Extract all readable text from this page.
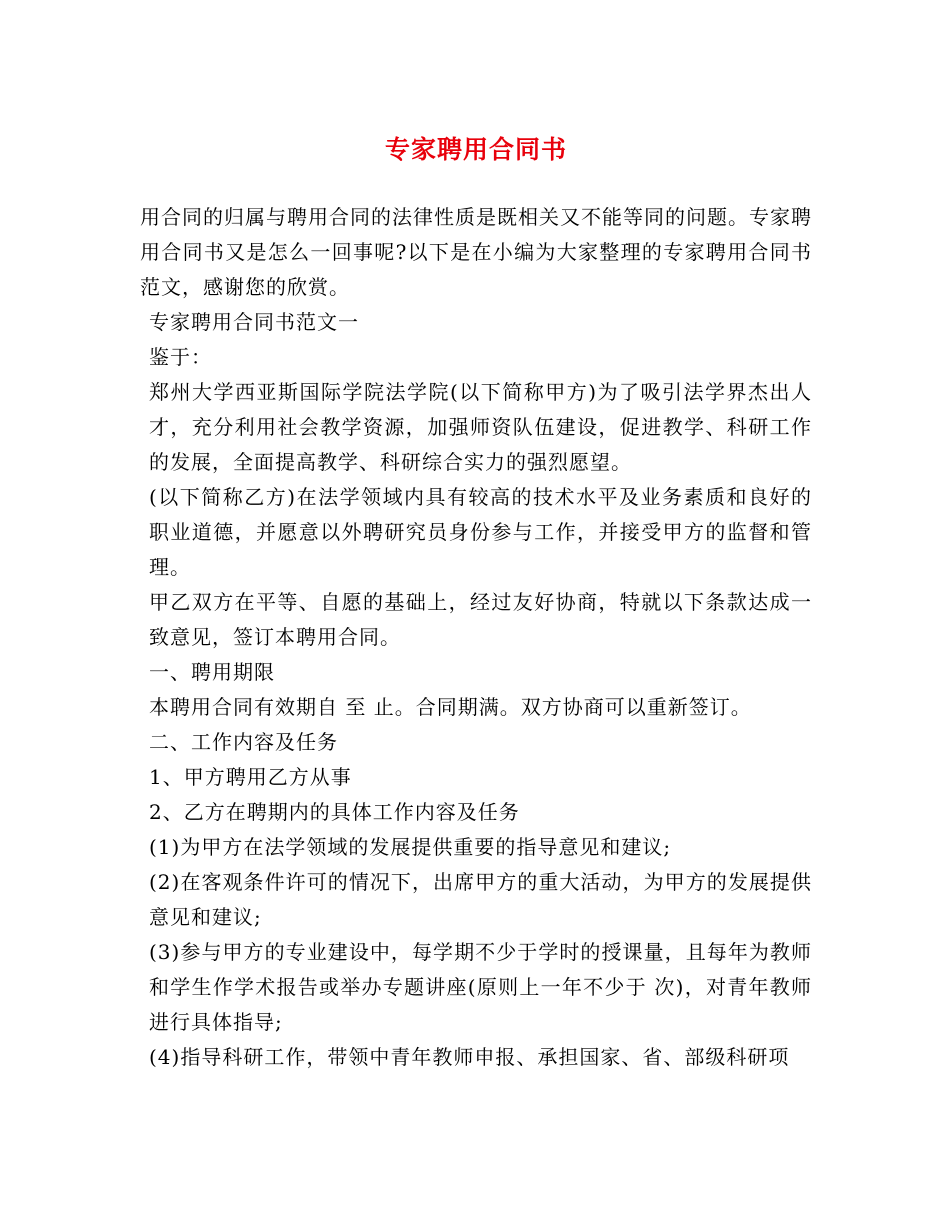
专家聘用合同书

用合同的归属与聘用合同的法律性质是既相关又不能等同的问题。专家聘用合同书又是怎么一回事呢?以下是在小编为大家整理的专家聘用合同书范文，感谢您的欣赏。

专家聘用合同书范文一

鉴于：

郑州大学西亚斯国际学院法学院(以下简称甲方)为了吸引法学界杰出人才，充分利用社会教学资源，加强师资队伍建设，促进教学、科研工作的发展，全面提高教学、科研综合实力的强烈愿望。

(以下简称乙方)在法学领域内具有较高的技术水平及业务素质和良好的职业道德，并愿意以外聘研究员身份参与工作，并接受甲方的监督和管理。

甲乙双方在平等、自愿的基础上，经过友好协商，特就以下条款达成一致意见，签订本聘用合同。

一、聘用期限

本聘用合同有效期自 至 止。合同期满。双方协商可以重新签订。

二、工作内容及任务

1、甲方聘用乙方从事

2、乙方在聘期内的具体工作内容及任务

(1)为甲方在法学领域的发展提供重要的指导意见和建议;

(2)在客观条件许可的情况下，出席甲方的重大活动，为甲方的发展提供意见和建议;

(3)参与甲方的专业建设中，每学期不少于学时的授课量，且每年为教师和学生作学术报告或举办专题讲座(原则上一年不少于 次)，对青年教师进行具体指导;

(4)指导科研工作，带领中青年教师申报、承担国家、省、部级科研项
